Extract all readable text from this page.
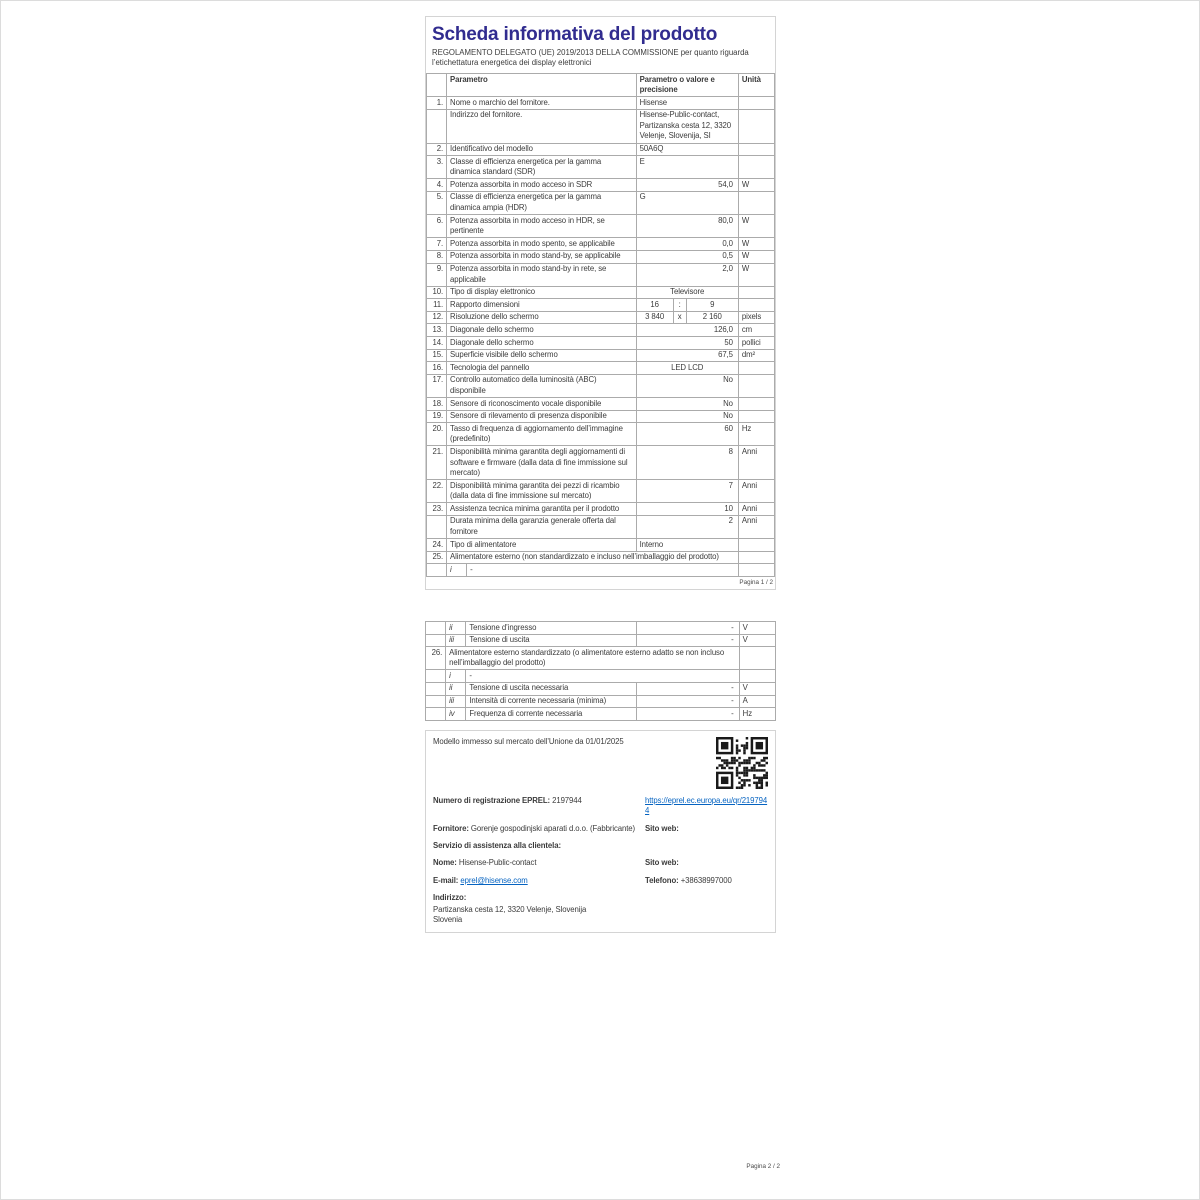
Scheda informativa del prodotto
REGOLAMENTO DELEGATO (UE) 2019/2013 DELLA COMMISSIONE per quanto riguarda l’etichettatura energetica dei display elettronici
	Parametro		Parametro o valore e precisione			Unità
1.	Nome o marchio del fornitore.		Hisense			
	Indirizzo del fornitore.		Hisense-Public-contact, Partizanska cesta 12, 3320 Velenje, Slovenija, SI			
2.	Identificativo del modello		50A6Q			
3.	Classe di efficienza energetica per la gamma dinamica standard (SDR)		E			
4.	Potenza assorbita in modo acceso in SDR		54,0			W
5.	Classe di efficienza energetica per la gamma dinamica ampia (HDR)		G			
6.	Potenza assorbita in modo acceso in HDR, se pertinente		80,0			W
7.	Potenza assorbita in modo spento, se applicabile		0,0			W
8.	Potenza assorbita in modo stand-by, se applicabile		0,5			W
9.	Potenza assorbita in modo stand-by in rete, se applicabile		2,0			W
10.	Tipo di display elettronico		Televisore			
11.	Rapporto dimensioni		16	:	9	
12.	Risoluzione dello schermo		3 840	x	2 160	pixels
13.	Diagonale dello schermo		126,0			cm
14.	Diagonale dello schermo		50			pollici
15.	Superficie visibile dello schermo		67,5			dm²
16.	Tecnologia del pannello		LED LCD			
17.	Controllo automatico della luminosità (ABC) disponibile		No			
18.	Sensore di riconoscimento vocale disponibile		No			
19.	Sensore di rilevamento di presenza disponibile		No			
20.	Tasso di frequenza di aggiornamento dell’immagine (predefinito)		60			Hz
21.	Disponibilità minima garantita degli aggiornamenti di software e firmware (dalla data di fine immissione sul mercato)		8			Anni
22.	Disponibilità minima garantita dei pezzi di ricambio (dalla data di fine immissione sul mercato)		7			Anni
23.	Assistenza tecnica minima garantita per il prodotto		10			Anni
	Durata minima della garanzia generale offerta dal fornitore		2			Anni
24.	Tipo di alimentatore		Interno			
25.	Alimentatore esterno (non standardizzato e incluso nell’imballaggio del prodotto)					
	i	-				
Pagina 1 / 2
	ii	Tensione d’ingresso	-	V
	iii	Tensione di uscita	-	V
26.	Alimentatore esterno standardizzato (o alimentatore esterno adatto se non incluso nell’imballaggio del prodotto)			
	i	-		
	ii	Tensione di uscita necessaria	-	V
	iii	Intensità di corrente necessaria (minima)	-	A
	iv	Frequenza di corrente necessaria	-	Hz
Modello immesso sul mercato dell’Unione da 01/01/2025
Numero di registrazione EPREL: 2197944	https://eprel.ec.europa.eu/qr/2197944
Fornitore: Gorenje gospodinjski aparati d.o.o. (Fabbricante)	Sito web:
Servizio di assistenza alla clientela:
Nome: Hisense-Public-contact	Sito web:
E-mail: eprel@hisense.com	Telefono: +38638997000
Indirizzo:
Partizanska cesta 12, 3320 Velenje, Slovenija
Slovenia
Pagina 2 / 2
